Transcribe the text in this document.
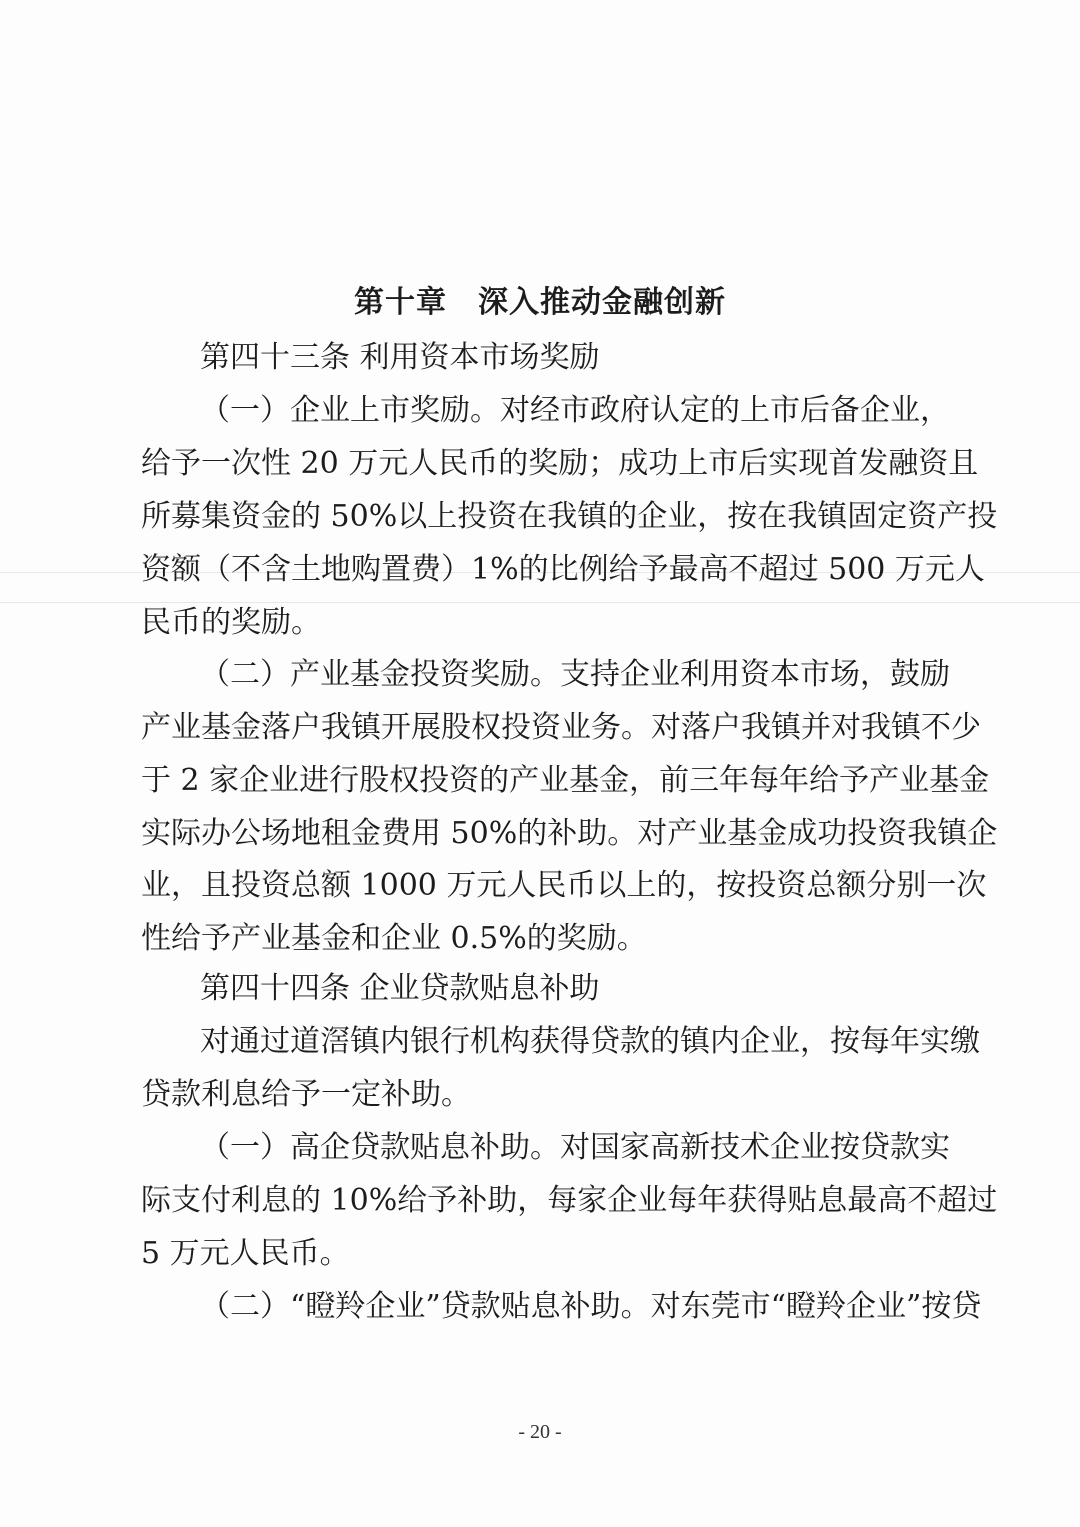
第十章　深入推动金融创新
第四十三条 利用资本市场奖励
（一）企业上市奖励。对经市政府认定的上市后备企业，
给予一次性 20 万元人民币的奖励；成功上市后实现首发融资且
所募集资金的 50%以上投资在我镇的企业，按在我镇固定资产投
资额（不含土地购置费）1%的比例给予最高不超过 500 万元人
民币的奖励。
（二）产业基金投资奖励。支持企业利用资本市场，鼓励
产业基金落户我镇开展股权投资业务。对落户我镇并对我镇不少
于 2 家企业进行股权投资的产业基金，前三年每年给予产业基金
实际办公场地租金费用 50%的补助。对产业基金成功投资我镇企
业，且投资总额 1000 万元人民币以上的，按投资总额分别一次
性给予产业基金和企业 0.5%的奖励。
第四十四条 企业贷款贴息补助
对通过道滘镇内银行机构获得贷款的镇内企业，按每年实缴
贷款利息给予一定补助。
（一）高企贷款贴息补助。对国家高新技术企业按贷款实
际支付利息的 10%给予补助，每家企业每年获得贴息最高不超过
5 万元人民币。
（二）“瞪羚企业”贷款贴息补助。对东莞市“瞪羚企业”按贷
- 20 -
